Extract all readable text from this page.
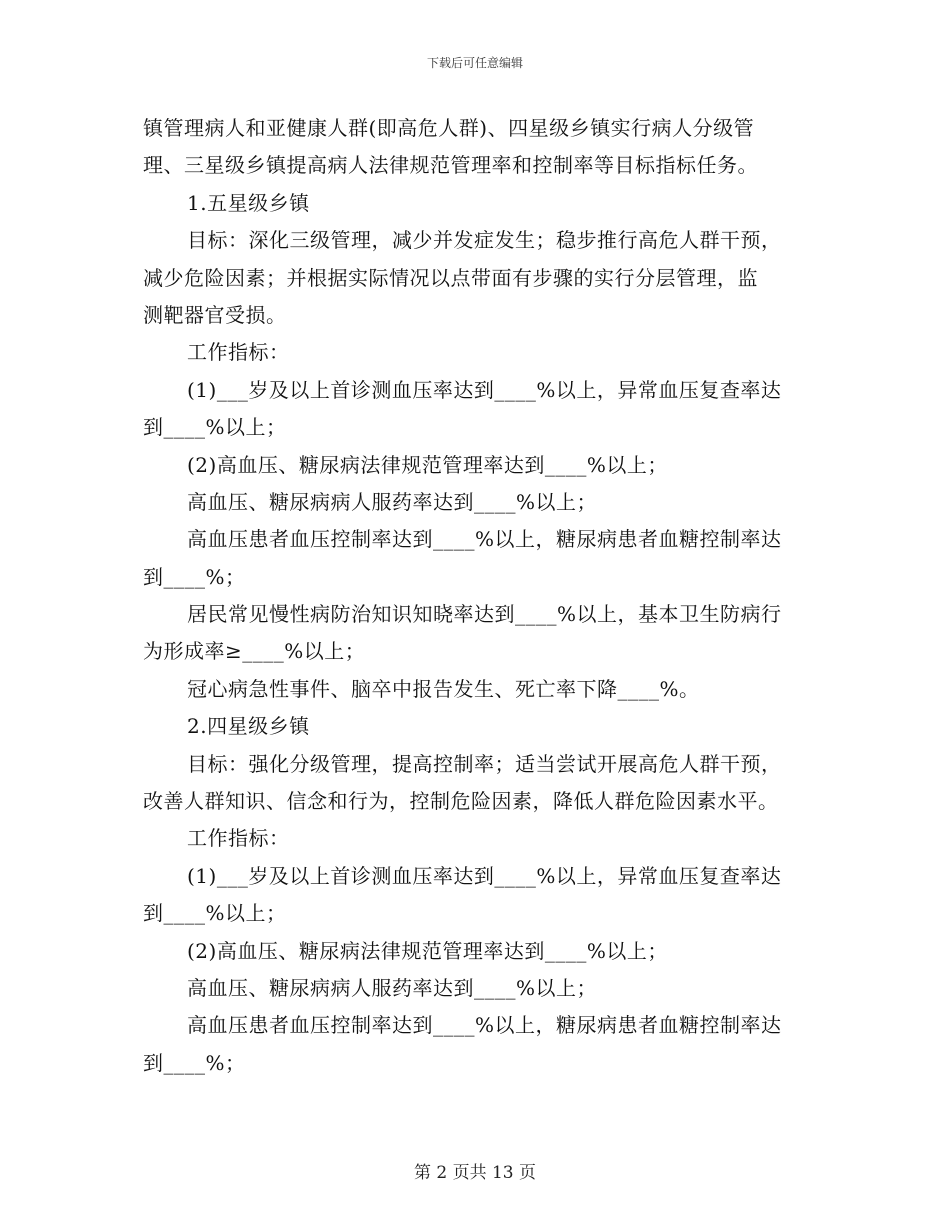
下载后可任意编辑
镇管理病人和亚健康人群(即高危人群)、四星级乡镇实行病人分级管
理、三星级乡镇提高病人法律规范管理率和控制率等目标指标任务。
1.五星级乡镇
目标：深化三级管理，减少并发症发生；稳步推行高危人群干预，
减少危险因素；并根据实际情况以点带面有步骤的实行分层管理，监
测靶器官受损。
工作指标：
(1)___岁及以上首诊测血压率达到____%以上，异常血压复查率达
到____%以上；
(2)高血压、糖尿病法律规范管理率达到____%以上；
高血压、糖尿病病人服药率达到____%以上；
高血压患者血压控制率达到____%以上，糖尿病患者血糖控制率达
到____%；
居民常见慢性病防治知识知晓率达到____%以上，基本卫生防病行
为形成率≥____%以上；
冠心病急性事件、脑卒中报告发生、死亡率下降____%。
2.四星级乡镇
目标：强化分级管理，提高控制率；适当尝试开展高危人群干预，
改善人群知识、信念和行为，控制危险因素，降低人群危险因素水平。
工作指标：
(1)___岁及以上首诊测血压率达到____%以上，异常血压复查率达
到____%以上；
(2)高血压、糖尿病法律规范管理率达到____%以上；
高血压、糖尿病病人服药率达到____%以上；
高血压患者血压控制率达到____%以上，糖尿病患者血糖控制率达
到____%；
第 2 页共 13 页
